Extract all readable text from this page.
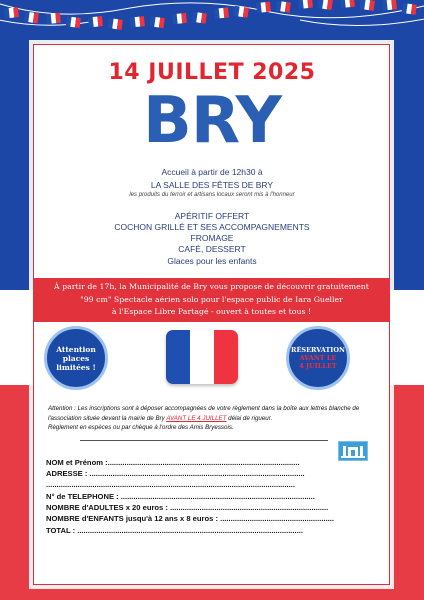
14 JUILLET 2025
BRY
Accueil à partir de 12h30 à
LA SALLE DES FÊTES DE BRY
les produits du terroir et artisans locaux seront mis à l'honneur
APÉRITIF OFFERT
COCHON GRILLÉ ET SES ACCOMPAGNEMENTS
FROMAGE
CAFÉ, DESSERT
Glaces pour les enfants
À partir de 17h, la Municipalité de Bry vous propose de découvrir gratuitement
"99 cm" Spectacle aérien solo pour l'espace public de Iara Gueller
à l'Espace Libre Partagé - ouvert à toutes et tous !
Attention places limitées !
RÉSERVATION
AVANT LE
4 JUILLET
Attention : Les inscriptions sont à déposer accompagnées de votre règlement dans la boîte aux lettres blanche de l'association située devant la mairie de Bry AVANT LE 4 JUILLET délai de rigueur.
Règlement en espèces ou par chèque à l'ordre des Amis Bryessois.
NOM et Prénom :...........................................................................................
ADRESSE : ......................................................................................................
......................................................................................................................
N° de TELEPHONE : ............................................................................................
NOMBRE d'ADULTES x 20 euros : ...........................................................................
NOMBRE d'ENFANTS jusqu'à 12 ans x 8 euros : ......................................................
TOTAL : ...........................................................................................................
